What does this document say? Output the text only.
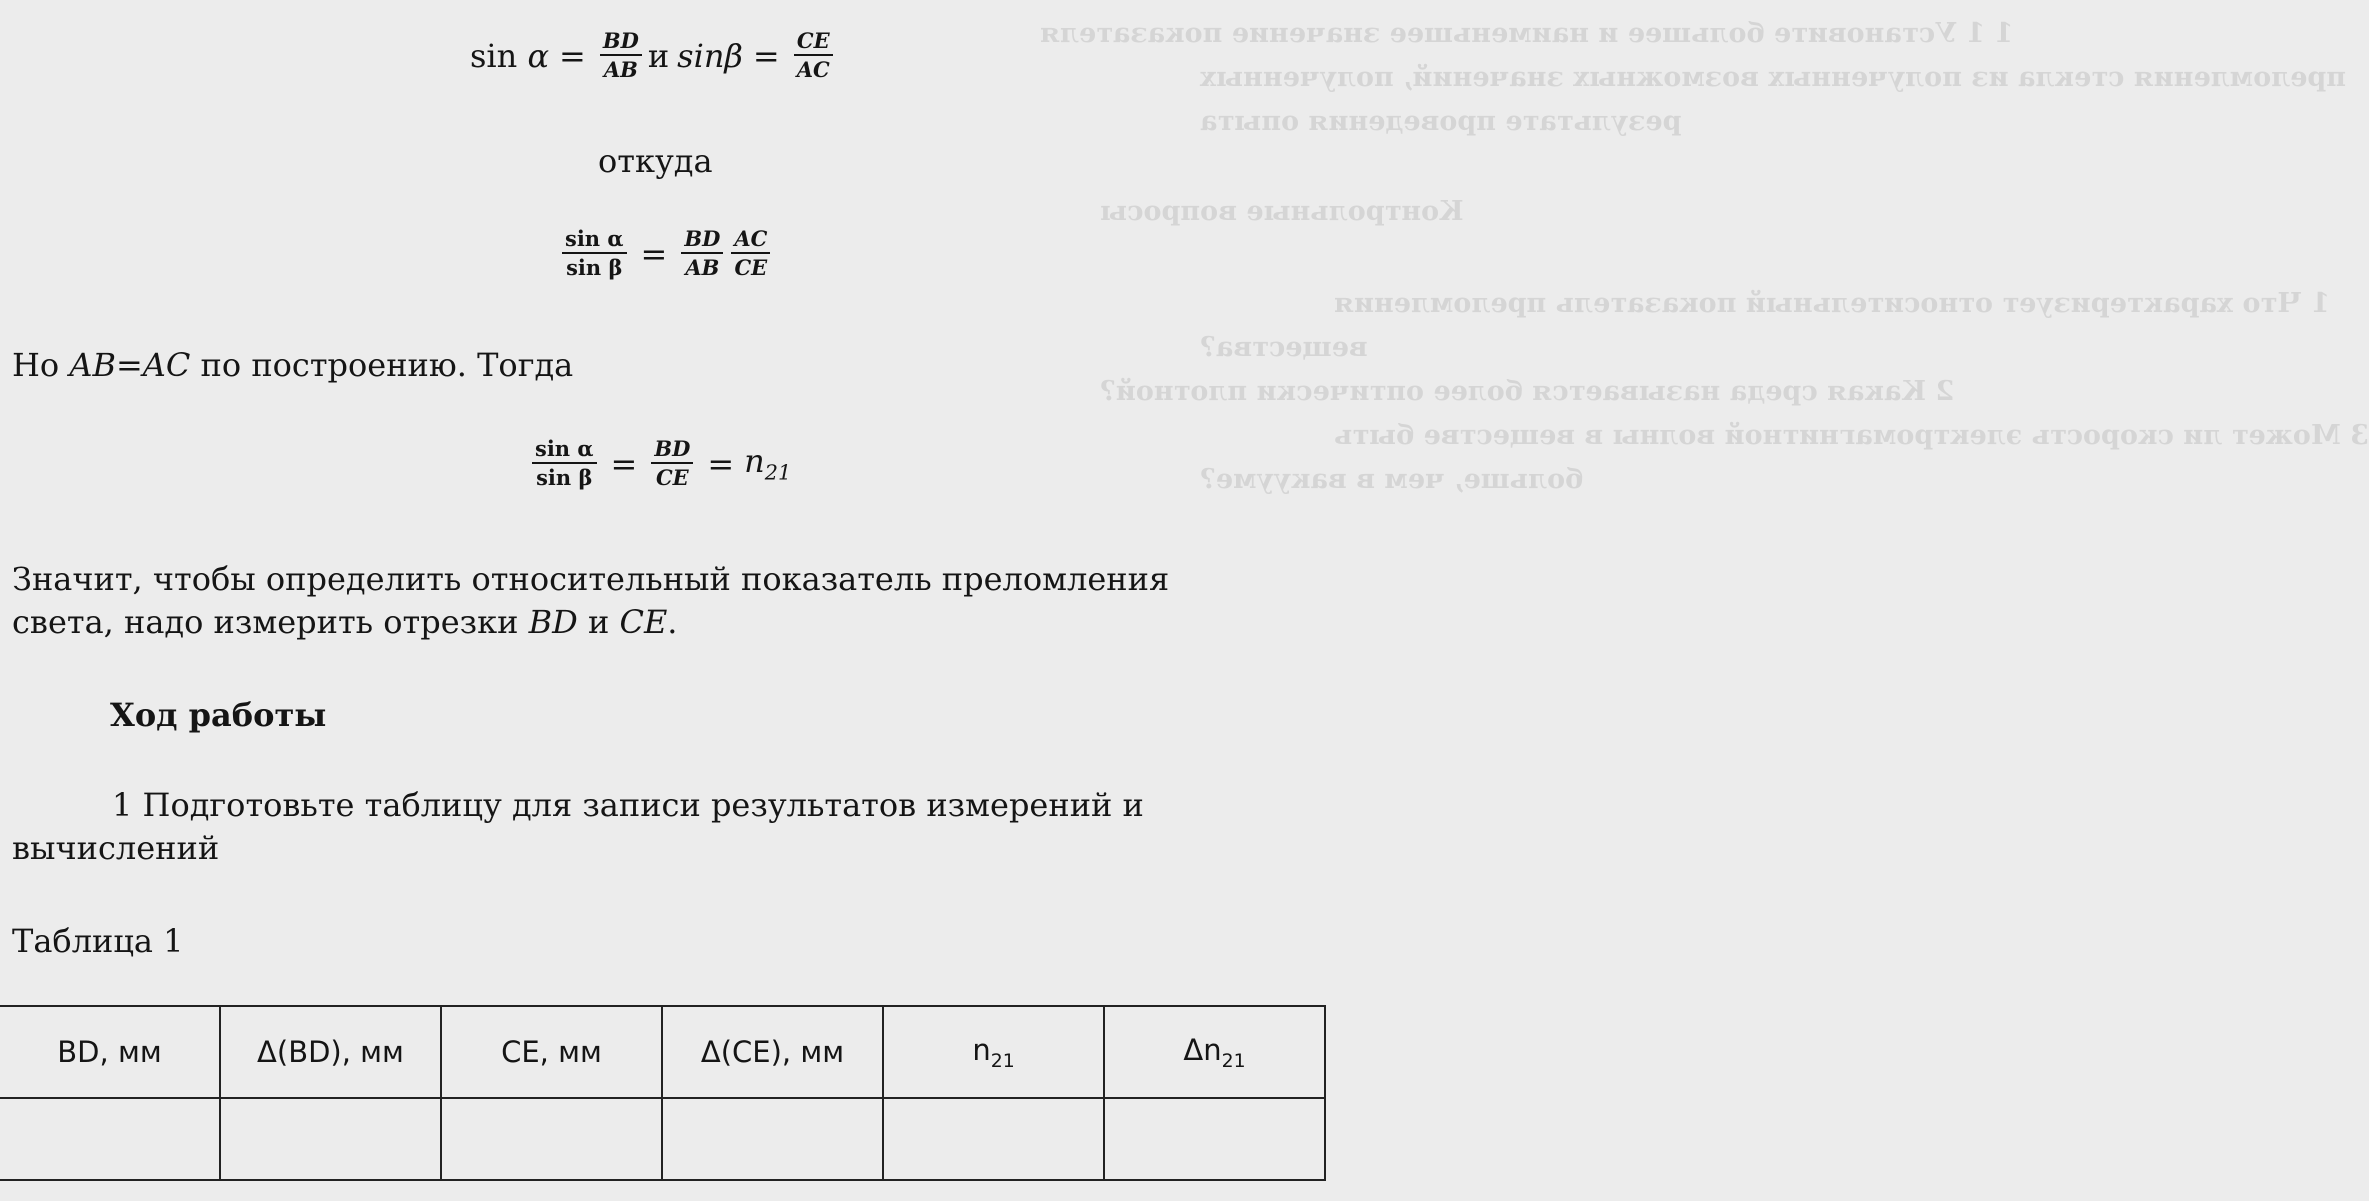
1 1 Установите большее и наименьшее значение показателя
преломления стекла из полученных возможных значений, полученных
результате проведения опыта
Контрольные вопросы
1 Что характеризует относительный показатель преломления
вещества?
2 Какая среда называется более оптически плотной?
3 Может ли скорость электромагнитной волны в веществе быть
больше, чем в вакууме?
sin
$\alpha = \frac{BD}{AB}$ и $\sin\beta = \frac{CE}{AC}$
откуда
$\frac{\text{sin α}}{\text{sin β}} = \frac{BD}{AB} \frac{AC}{CE}$
Но AB=AC по построению. Тогда
$\frac{\text{sin α}}{\text{sin β}} = \frac{BD}{CE} = n_{21}$
Значит, чтобы определить относительный показатель преломления
света, надо измерить отрезки BD и CE.
Ход работы
1 Подготовьте таблицу для записи результатов измерений и
вычислений
Таблица 1
BD, мм	Δ(BD), мм	CE, мм	Δ(CE), мм	$n_{21}$	$\Delta n_{21}$
